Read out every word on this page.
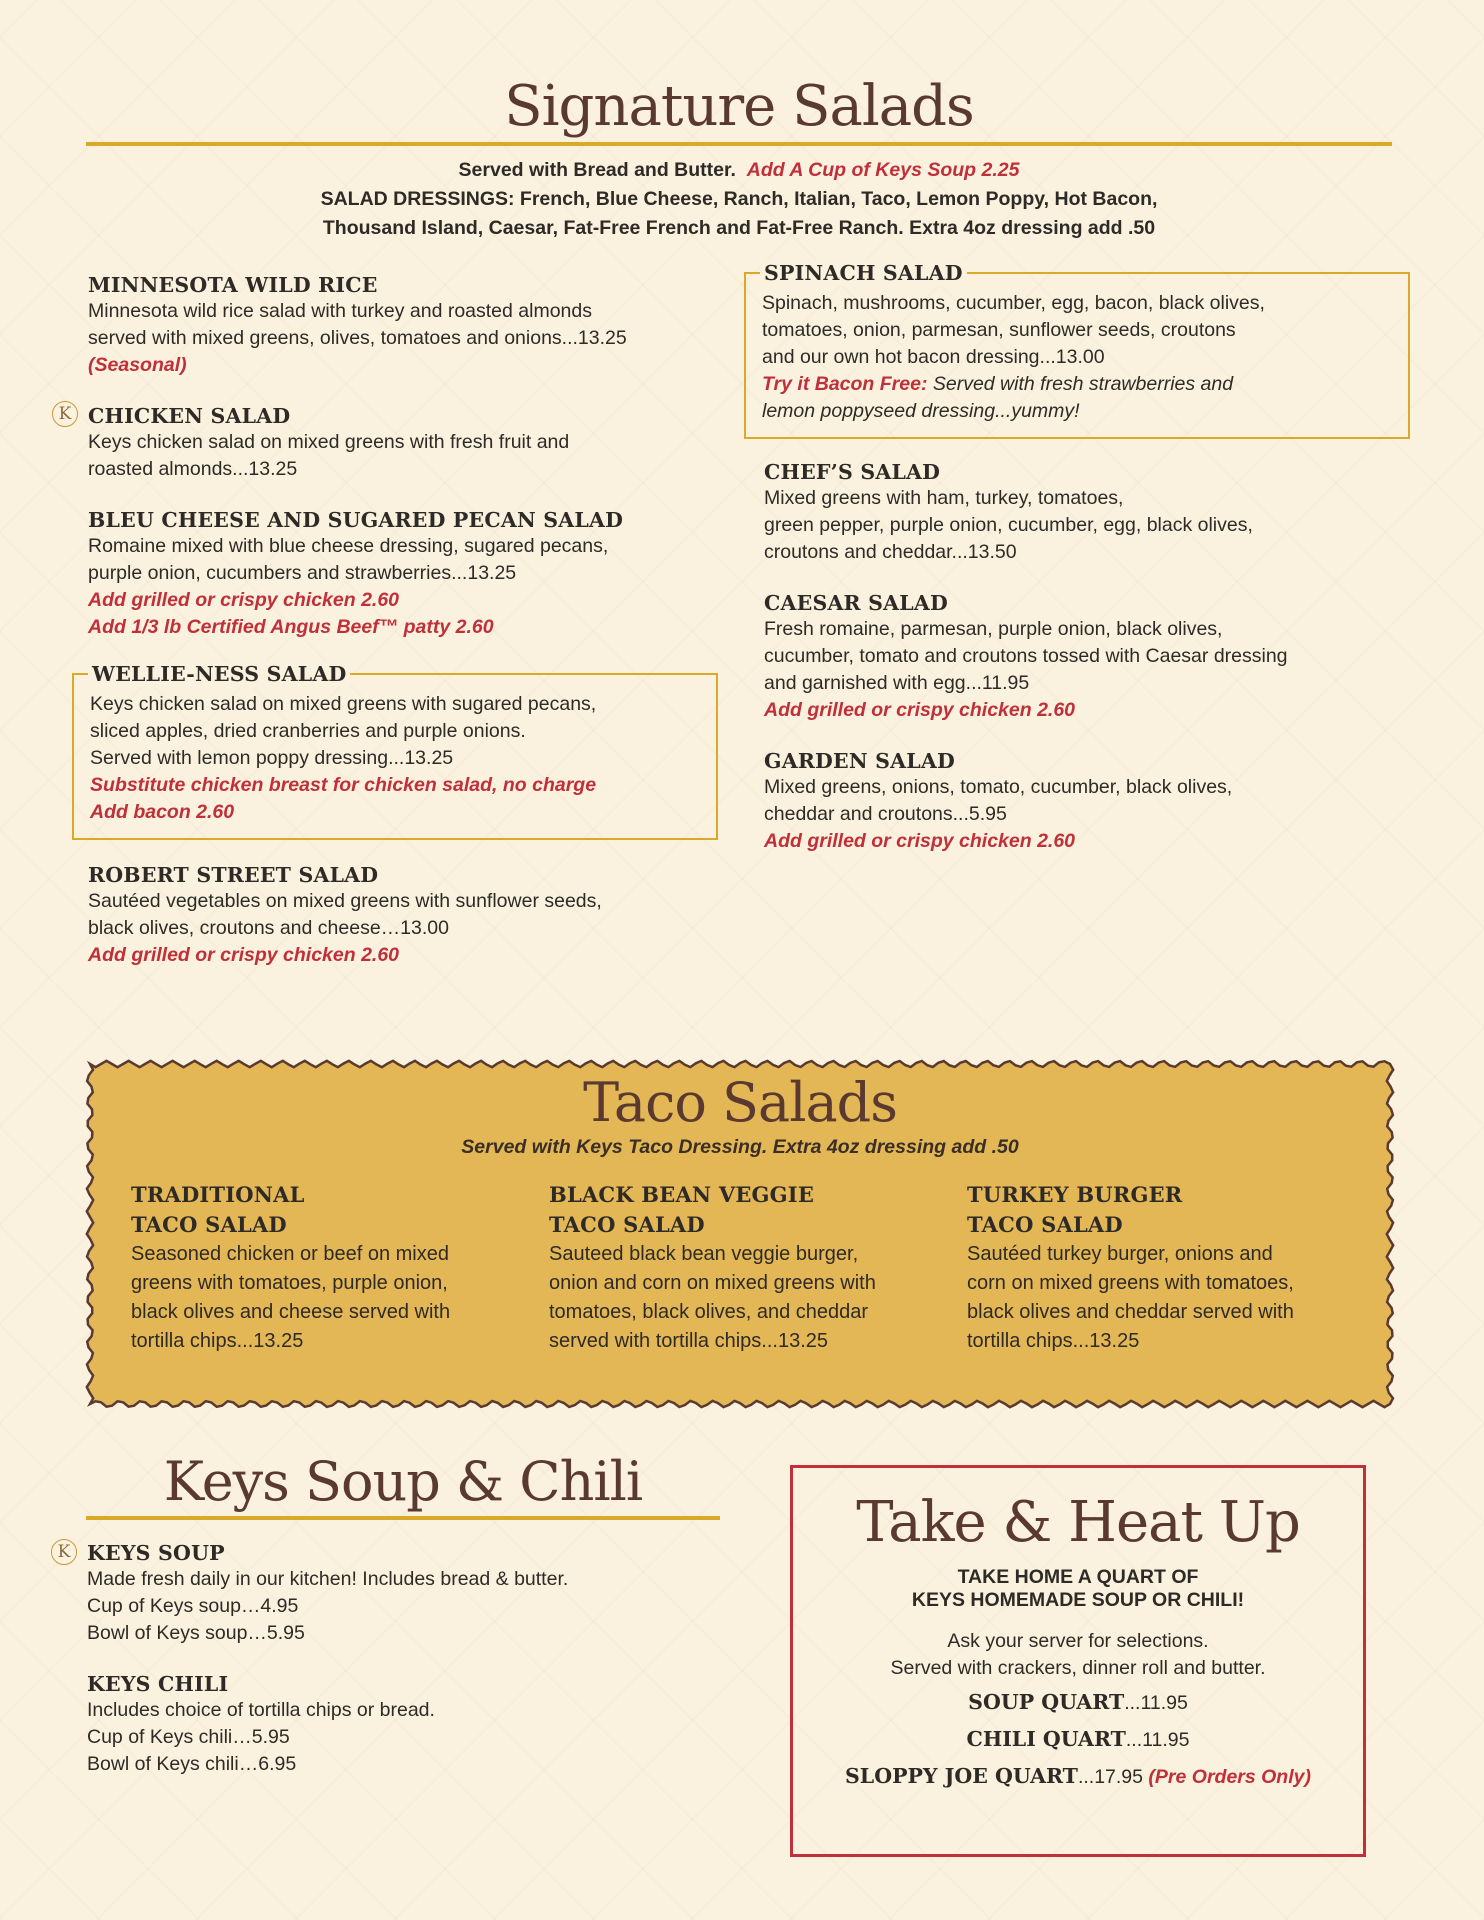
Signature Salads
Served with Bread and Butter. Add A Cup of Keys Soup 2.25
SALAD DRESSINGS: French, Blue Cheese, Ranch, Italian, Taco, Lemon Poppy, Hot Bacon,
Thousand Island, Caesar, Fat-Free French and Fat-Free Ranch. Extra 4oz dressing add .50
MINNESOTA WILD RICE
Minnesota wild rice salad with turkey and roasted almonds
served with mixed greens, olives, tomatoes and onions...13.25
(Seasonal)
K CHICKEN SALAD
Keys chicken salad on mixed greens with fresh fruit and
roasted almonds...13.25
BLEU CHEESE AND SUGARED PECAN SALAD
Romaine mixed with blue cheese dressing, sugared pecans,
purple onion, cucumbers and strawberries...13.25
Add grilled or crispy chicken 2.60
Add 1/3 lb Certified Angus Beef™ patty 2.60
WELLIE-NESS SALAD
Keys chicken salad on mixed greens with sugared pecans,
sliced apples, dried cranberries and purple onions.
Served with lemon poppy dressing...13.25
Substitute chicken breast for chicken salad, no charge
Add bacon 2.60
ROBERT STREET SALAD
Sautéed vegetables on mixed greens with sunflower seeds,
black olives, croutons and cheese…13.00
Add grilled or crispy chicken 2.60
SPINACH SALAD
Spinach, mushrooms, cucumber, egg, bacon, black olives,
tomatoes, onion, parmesan, sunflower seeds, croutons
and our own hot bacon dressing...13.00
Try it Bacon Free: Served with fresh strawberries and
lemon poppyseed dressing...yummy!
CHEF’S SALAD
Mixed greens with ham, turkey, tomatoes,
green pepper, purple onion, cucumber, egg, black olives,
croutons and cheddar...13.50
CAESAR SALAD
Fresh romaine, parmesan, purple onion, black olives,
cucumber, tomato and croutons tossed with Caesar dressing
and garnished with egg...11.95
Add grilled or crispy chicken 2.60
GARDEN SALAD
Mixed greens, onions, tomato, cucumber, black olives,
cheddar and croutons...5.95
Add grilled or crispy chicken 2.60
Taco Salads
Served with Keys Taco Dressing. Extra 4oz dressing add .50
TRADITIONAL
TACO SALAD
Seasoned chicken or beef on mixed
greens with tomatoes, purple onion,
black olives and cheese served with
tortilla chips...13.25
BLACK BEAN VEGGIE
TACO SALAD
Sauteed black bean veggie burger,
onion and corn on mixed greens with
tomatoes, black olives, and cheddar
served with tortilla chips...13.25
TURKEY BURGER
TACO SALAD
Sautéed turkey burger, onions and
corn on mixed greens with tomatoes,
black olives and cheddar served with
tortilla chips...13.25
Keys Soup & Chili
K KEYS SOUP
Made fresh daily in our kitchen! Includes bread & butter.
Cup of Keys soup…4.95
Bowl of Keys soup…5.95
KEYS CHILI
Includes choice of tortilla chips or bread.
Cup of Keys chili…5.95
Bowl of Keys chili…6.95
Take & Heat Up
TAKE HOME A QUART OF
KEYS HOMEMADE SOUP OR CHILI!
Ask your server for selections.
Served with crackers, dinner roll and butter.
SOUP QUART...11.95
CHILI QUART...11.95
SLOPPY JOE QUART...17.95 (Pre Orders Only)
